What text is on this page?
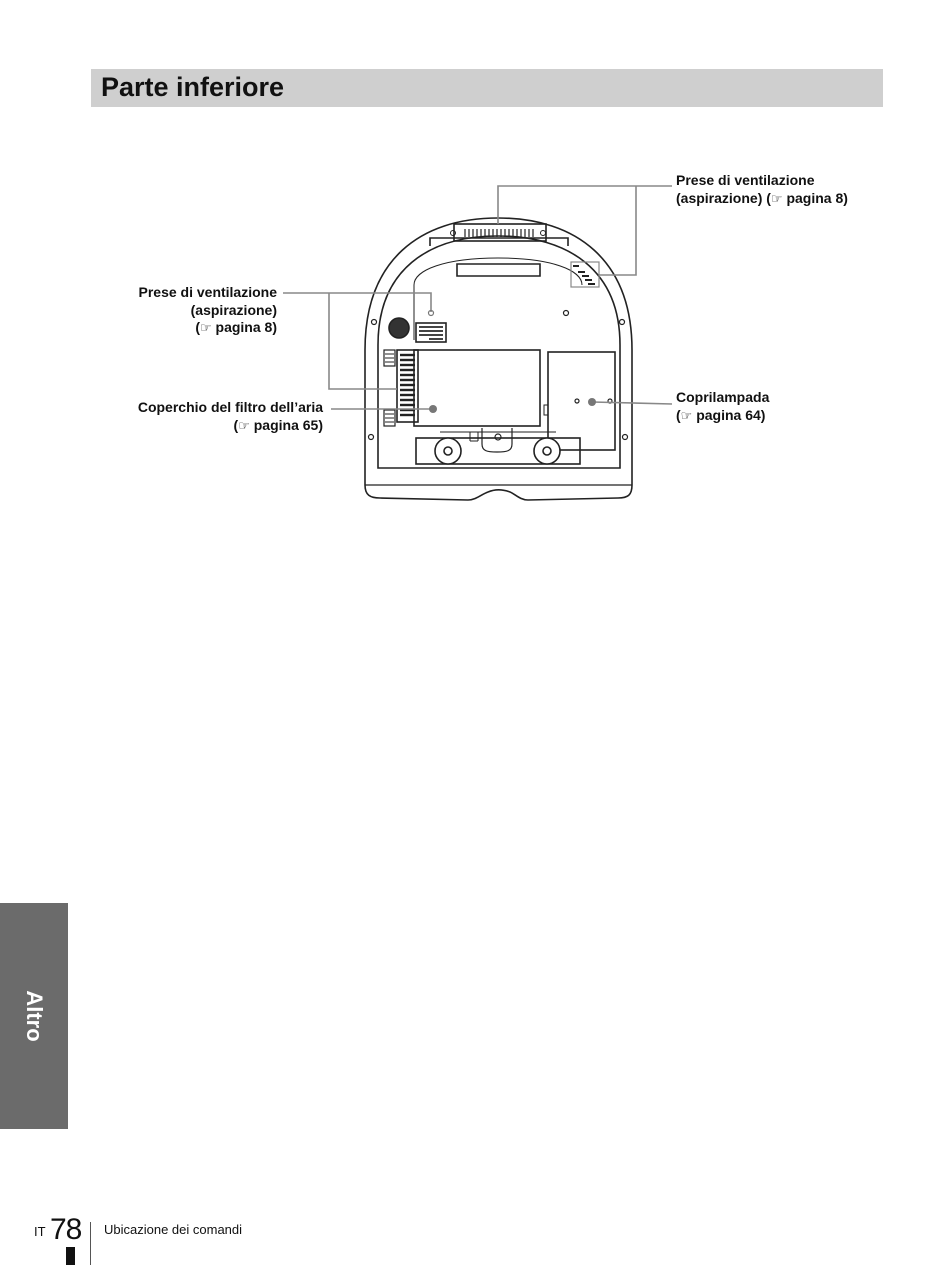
Parte inferiore
Prese di ventilazione
(aspirazione) (☞ pagina 8)
Prese di ventilazione
(aspirazione)
(☞ pagina 8)
Coperchio del filtro dell’aria
(☞ pagina 65)
Coprilampada
(☞ pagina 64)
Altro
IT 78 Ubicazione dei comandi
